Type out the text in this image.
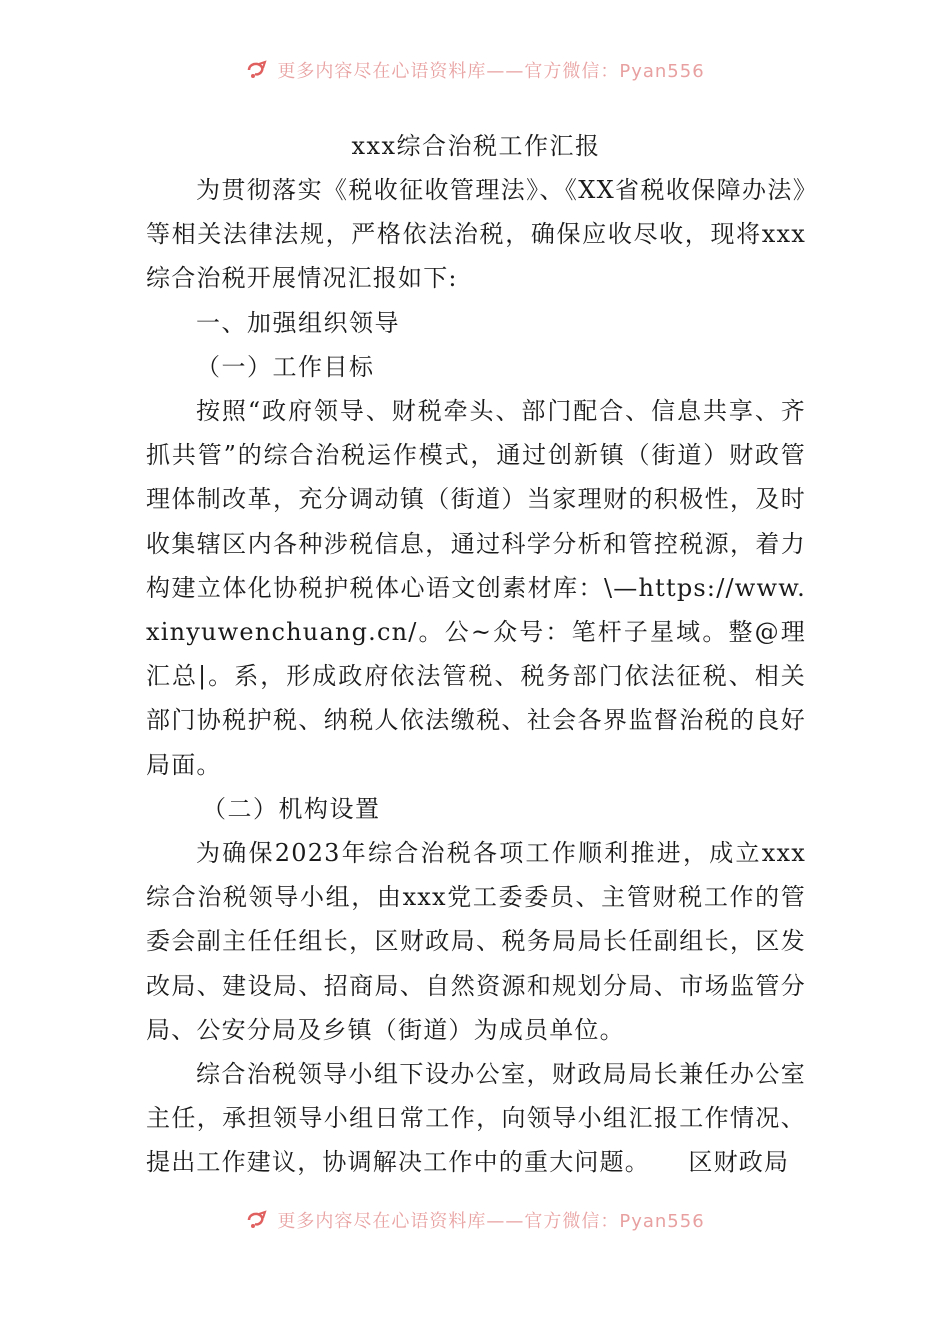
更多内容尽在心语资料库——官方微信：Pyan556
xxx综合治税工作汇报

为贯彻落实《税收征收管理法》、《XX省税收保障办法》等相关法律法规，严格依法治税，确保应收尽收，现将xxx综合治税开展情况汇报如下:

一、加强组织领导

（一）工作目标

按照“政府领导、财税牵头、部门配合、信息共享、齐抓共管”的综合治税运作模式，通过创新镇（街道）财政管理体制改革，充分调动镇（街道）当家理财的积极性，及时收集辖区内各种涉税信息，通过科学分析和管控税源，着力构建立体化协税护税体心语文创素材库：\—https://www.xinyuwenchuang.cn/。公~众号：笔杆子星域。整@理汇总|。系，形成政府依法管税、税务部门依法征税、相关部门协税护税、纳税人依法缴税、社会各界监督治税的良好局面。

（二）机构设置

为确保2023年综合治税各项工作顺利推进，成立xxx综合治税领导小组，由xxx党工委委员、主管财税工作的管委会副主任任组长，区财政局、税务局局长任副组长，区发改局、建设局、招商局、自然资源和规划分局、市场监管分局、公安分局及乡镇（街道）为成员单位。

综合治税领导小组下设办公室，财政局局长兼任办公室主任，承担领导小组日常工作，向领导小组汇报工作情况、提出工作建议，协调解决工作中的重大问题。　　区财政局

更多内容尽在心语资料库——官方微信：Pyan556
